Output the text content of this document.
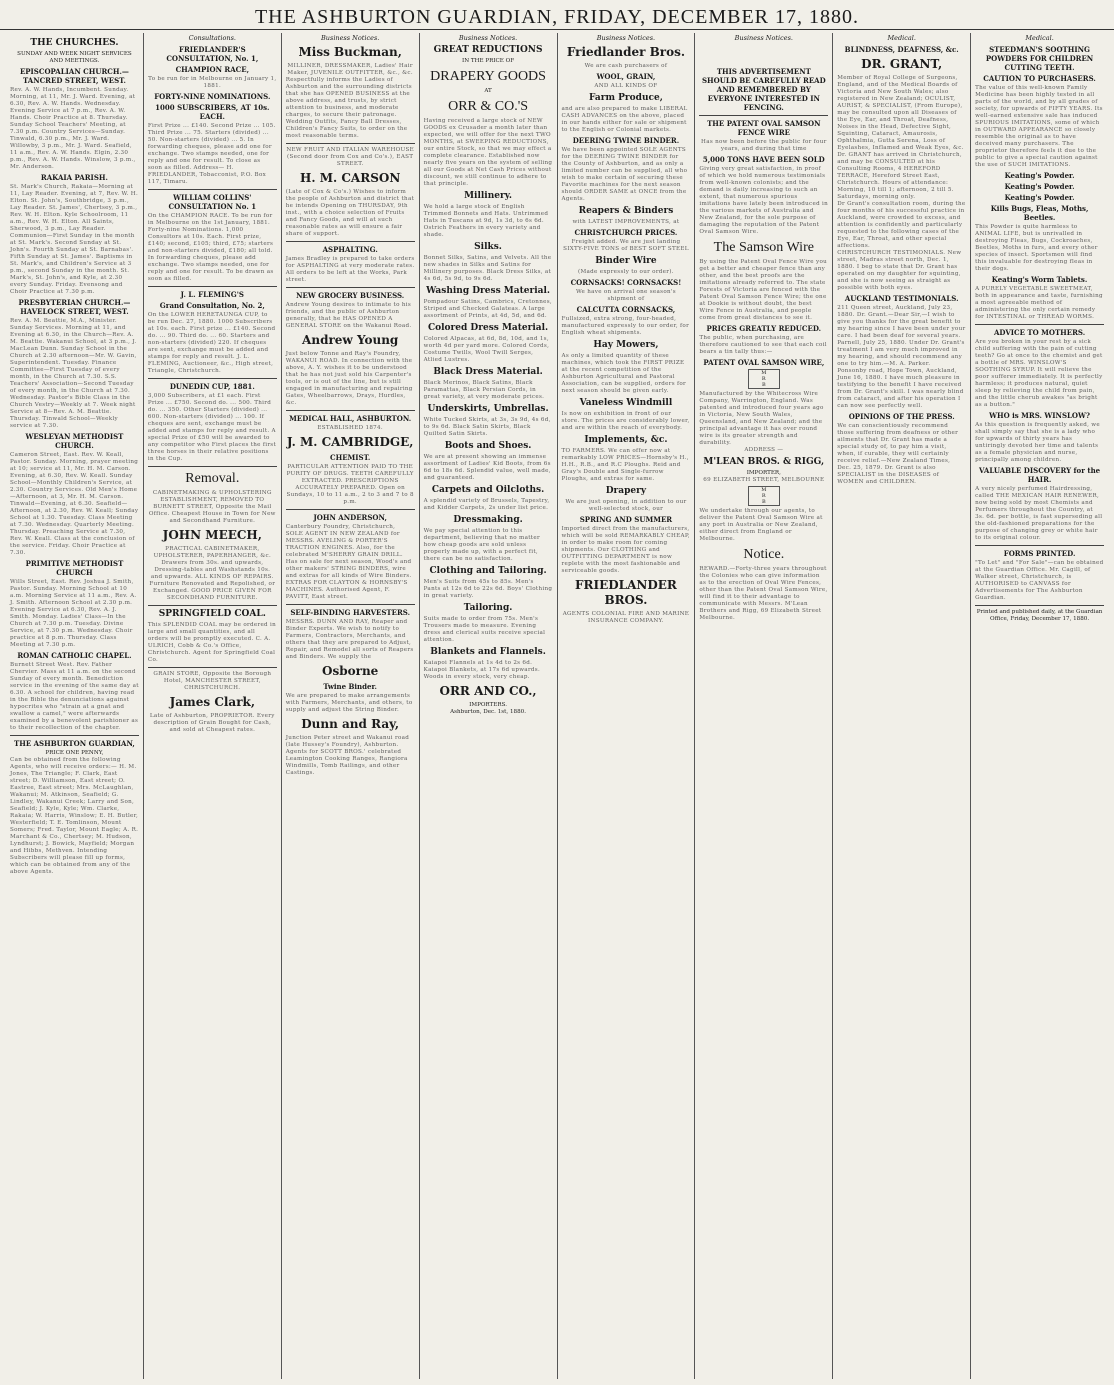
THE ASHBURTON GUARDIAN, FRIDAY, DECEMBER 17, 1880.
THE CHURCHES.
SUNDAY AND WEEK NIGHT SERVICES AND MEETINGS.
EPISCOPALIAN CHURCH.—TANCRED STREET, WEST.
Rev. A. W. Hands, Incumbent. Sunday. Morning, at 11, Mr. J. Ward. Evening, at 6.30, Rev. A. W. Hands. Wednesday. Evening Service at 7 p.m., Rev. A. W. Hands. Choir Practice at 8. Thursday. Sunday School Teachers' Meeting, at 7.30 p.m. Country Services—Sunday. Tinwald, 6.30 p.m., Mr. J. Ward. Willowby, 3 p.m., Mr. J. Ward. Seafield, 11 a.m., Rev. A. W. Hands. Elgin, 2.30 p.m., Rev. A. W. Hands. Winslow, 3 p.m., Mr. Anderson.
RAKAIA PARISH.
St. Mark's Church, Rakaia—Morning at 11, Lay Reader. Evening, at 7, Rev. W. H. Elton. St. John's, Southbridge, 3 p.m., Lay Reader. St. James', Chertsey, 3 p.m., Rev. W. H. Elton. Kyle Schoolroom, 11 a.m., Rev. W. H. Elton. All Saints, Sherwood, 3 p.m., Lay Reader. Communion—First Sunday in the month at St. Mark's. Second Sunday at St. John's. Fourth Sunday at St. Barnabas'. Fifth Sunday at St. James'. Baptisms in St. Mark's, and Children's Service at 3 p.m., second Sunday in the month. St. Mark's, St. John's, and Kyle, at 2.30 every Sunday. Friday. Evensong and Choir Practice at 7.30 p.m.
PRESBYTERIAN CHURCH.—HAVELOCK STREET, WEST.
Rev. A. M. Beattie, M.A., Minister. Sunday Services. Morning at 11, and Evening at 6.30, in the Church—Rev. A. M. Beattie. Wakanui School, at 3 p.m., J. MacLean Dunn. Sunday School in the Church at 2.30 afternoon—Mr. W. Gavin, Superintendent. Tuesday. Finance Committee—First Tuesday of every month, in the Church at 7.30. S.S. Teachers' Association—Second Tuesday of every month, in the Church at 7.30. Wednesday. Pastor's Bible Class in the Church Vestry—Weekly at 7. Week night Service at 8—Rev. A. M. Beattie. Thursday. Tinwald School—Weekly service at 7.30.
WESLEYAN METHODIST CHURCH.
Cameron Street, East. Rev. W. Keall, Pastor. Sunday. Morning, prayer meeting at 10; service at 11, Mr. H. M. Carson. Evening, at 6.30, Rev. W. Keall. Sunday School—Monthly Children's Service, at 2.30. Country Services. Old Men's Home—Afternoon, at 3, Mr. H. M. Carson. Tinwald—Evening, at 6.30. Seafield—Afternoon, at 2.30, Rev. W. Keall; Sunday School at 1.30. Tuesday. Class Meeting at 7.30. Wednesday. Quarterly Meeting. Thursday. Preaching Service at 7.30, Rev. W. Keall. Class at the conclusion of the service. Friday. Choir Practice at 7.30.
PRIMITIVE METHODIST CHURCH
Wills Street, East. Rev. Joshua J. Smith, Pastor. Sunday. Morning School at 10 a.m. Morning Service at 11 a.m., Rev. A. J. Smith. Afternoon School at 2.30 p.m. Evening Service at 6.30, Rev. A. J. Smith. Monday. Ladies' Class—In the Church at 7.30 p.m. Tuesday. Divine Service, at 7.30 p.m. Wednesday. Choir practice at 8 p.m. Thursday. Class Meeting at 7.30 p.m.
ROMAN CATHOLIC CHAPEL.
Burnett Street West. Rev. Father Chervier. Mass at 11 a.m. on the second Sunday of every month. Benediction service in the evening of the same day at 6.30. A school for children, having read in the Bible the denunciations against hypocrites who "strain at a gnat and swallow a camel," were afterwards examined by a benevolent parishioner as to their recollection of the chapter.
THE ASHBURTON GUARDIAN,
PRICE ONE PENNY,
Can be obtained from the following Agents, who will receive orders:— H. M. Jones, The Triangle; F. Clark, East street; D. Williamson, East street; O. Eastree, East street; Mrs. McLaughlan, Wakanui; M. Atkinson, Seafield; G. Lindley, Wakanui Creek; Larry and Son, Seafield; J. Kyle, Kyle; Wm. Clarke, Rakaia; W. Harris, Winslow; E. H. Butler, Westerfield; T. E. Tomlinson, Mount Somers; Fred. Taylor, Mount Eagle; A. R. Marchant & Co., Chertsey; M. Hudson, Lyndhurst; J. Bowick, Mayfield; Morgan and Hibbs, Methven. Intending Subscribers will please fill up forms, which can be obtained from any of the above Agents.
Consultations.
FRIEDLANDER'S CONSULTATION, No. 1,
CHAMPION RACE,
To be run for in Melbourne on January 1, 1881.
FORTY-NINE NOMINATIONS.
1000 SUBSCRIBERS, AT 10s. EACH.
First Prize ... £140. Second Prize ... 105. Third Prize ... 75. Starters (divided) ... 50. Non-starters (divided) ... 5. In forwarding cheques, please add one for exchange. Two stamps needed, one for reply and one for result. To close as soon as filled. Address— H. FRIEDLANDER, Tobacconist, P.O. Box 117, Timaru.
WILLIAM COLLINS' CONSULTATION No. 1
On the CHAMPION RACE. To be run for in Melbourne on the 1st January, 1881. Forty-nine Nominations. 1,000 Consultors at 10s. Each. First prize, £140; second, £105; third, £75; starters and non-starters divided, £180; all told. In forwarding cheques, please add exchange. Two stamps needed, one for reply and one for result. To be drawn as soon as filled.
J. L. FLEMING'S
Grand Consultation, No. 2,
On the LOWER HERETAUNGA CUP, to be run Dec. 27, 1880. 1000 Subscribers at 10s. each. First prize ... £140. Second do. ... 90. Third do. ... 60. Starters and non-starters (divided) 220. If cheques are sent, exchange must be added and stamps for reply and result. J. L. FLEMING, Auctioneer, &c., High street, Triangle, Christchurch.
DUNEDIN CUP, 1881.
3,000 Subscribers, at £1 each. First Prize ... £750. Second do. ... 500. Third do. ... 350. Other Starters (divided) ... 600. Non-starters (divided) ... 100. If cheques are sent, exchange must be added and stamps for reply and result. A special Prize of £50 will be awarded to any competitor who First places the first three horses in their relative positions in the Cup.
Removal.
CABINETMAKING & UPHOLSTERING ESTABLISHMENT, REMOVED TO BURNETT STREET, Opposite the Mail Office. Cheapest House in Town for New and Secondhand Furniture.
JOHN MEECH,
PRACTICAL CABINETMAKER, UPHOLSTERER, PAPERHANGER, &c. Drawers from 30s. and upwards, Dressing-tables and Washstands 10s. and upwards. ALL KINDS OF REPAIRS. Furniture Renovated and Repolished, or Exchanged. GOOD PRICE GIVEN FOR SECONDHAND FURNITURE.
SPRINGFIELD COAL.
This SPLENDID COAL may be ordered in large and small quantities, and all orders will be promptly executed. C. A. ULRICH, Cobb & Co.'s Office, Christchurch. Agent for Springfield Coal Co.
GRAIN STORE, Opposite the Borough Hotel, MANCHESTER STREET, CHRISTCHURCH.
James Clark,
Late of Ashburton, PROPRIETOR. Every description of Grain Bought for Cash, and sold at Cheapest rates.
Business Notices.
Miss Buckman,
MILLINER, DRESSMAKER, Ladies' Hair Maker, JUVENILE OUTFITTER, &c., &c.
Respectfully informs the Ladies of Ashburton and the surrounding districts that she has OPENED BUSINESS at the above address, and trusts, by strict attention to business, and moderate charges, to secure their patronage. Wedding Outfits, Fancy Ball Dresses, Children's Fancy Suits, to order on the most reasonable terms.
NEW FRUIT AND ITALIAN WAREHOUSE (Second door from Cox and Co's.), EAST STREET.
H. M. CARSON
(Late of Cox & Co's.) Wishes to inform the people of Ashburton and district that he intends Opening on THURSDAY, 9th inst., with a choice selection of Fruits and Fancy Goods, and will at such reasonable rates as will ensure a fair share of support.
ASPHALTING.
James Bradley is prepared to take orders for ASPHALTING at very moderate rates. All orders to be left at the Works, Park street.
NEW GROCERY BUSINESS.
Andrew Young desires to intimate to his friends, and the public of Ashburton generally, that he HAS OPENED A GENERAL STORE on the Wakanui Road.
Andrew Young
Just below Tonne and Ray's Foundry, WAKANUI ROAD. In connection with the above, A. Y. wishes it to be understood that he has not just sold his Carpenter's tools, or is out of the line, but is still engaged in manufacturing and repairing Gates, Wheelbarrows, Drays, Hurdles, &c.
MEDICAL HALL, ASHBURTON.
ESTABLISHED 1874.
J. M. CAMBRIDGE,
CHEMIST.
PARTICULAR ATTENTION PAID TO THE PURITY OF DRUGS. TEETH CAREFULLY EXTRACTED. PRESCRIPTIONS ACCURATELY PREPARED. Open on Sundays, 10 to 11 a.m., 2 to 3 and 7 to 8 p.m.
JOHN ANDERSON,
Canterbury Foundry, Christchurch, SOLE AGENT IN NEW ZEALAND for MESSRS. AVELING & PORTER'S TRACTION ENGINES. Also, for the celebrated M'SHERRY GRAIN DRILL. Has on sale for next season, Wood's and other makers' STRING BINDERS, wire and extras for all kinds of Wire Binders. EXTRAS FOR CLAYTON & HORNSBY'S MACHINES. Authorised Agent, F. PAVITT, East street.
SELF-BINDING HARVESTERS.
MESSRS. DUNN AND RAY, Reaper and Binder Experts. We wish to notify to Farmers, Contractors, Merchants, and others that they are prepared to Adjust, Repair, and Remodel all sorts of Reapers and Binders. We supply the
Osborne
Twine Binder.
We are prepared to make arrangements with Farmers, Merchants, and others, to supply and adjust the String Binder.
Dunn and Ray,
Junction Peter street and Wakanui road (late Hussey's Foundry), Ashburton. Agents for SCOTT BROS.' celebrated Leamington Cooking Ranges, Rangiora Windmills, Tomb Railings, and other Castings.
Business Notices.
GREAT REDUCTIONS
IN THE PRICE OF
DRAPERY GOODS
AT
ORR & CO.'S
Having received a large stock of NEW GOODS ex Crusader a month later than expected, we will offer for the next TWO MONTHS, at SWEEPING REDUCTIONS, our entire Stock, so that we may effect a complete clearance. Established now nearly five years on the system of selling all our Goods at Net Cash Prices without discount, we still continue to adhere to that principle.
Millinery.
We hold a large stock of English Trimmed Bonnets and Hats. Untrimmed Hats in Tuscans at 9d, 1s 3d, to 6s 6d. Ostrich Feathers in every variety and shade.
Silks.
Bonnet Silks, Satins, and Velvets. All the new shades in Silks and Satins for Millinery purposes. Black Dress Silks, at 4s 6d, 5s 9d, to 9s 6d.
Washing Dress Material.
Pompadour Satins, Cambrics, Cretonnes, Striped and Checked Galateas. A large assortment of Prints, at 4d, 5d, and 6d.
Colored Dress Material.
Colored Alpacas, at 6d, 8d, 10d, and 1s, worth 4d per yard more. Colored Cords, Costume Twills, Wool Twill Serges, Atlied Lustres.
Black Dress Material.
Black Merinos, Black Satins, Black Paramattas, Black Persian Cords, in great variety, at very moderate prices.
Underskirts, Umbrellas.
White Tucked Skirts, at 3s, 3s 9d, 4s 6d, to 9s 6d. Black Satin Skirts, Black Quilted Satin Skirts.
Boots and Shoes.
We are at present showing an immense assortment of Ladies' Kid Boots, from 6s 6d to 18s 6d. Splendid value, well made, and guaranteed.
Carpets and Oilcloths.
A splendid variety of Brussels, Tapestry, and Kidder Carpets, 2s under list price.
Dressmaking.
We pay special attention to this department, believing that no matter how cheap goods are sold unless properly made up, with a perfect fit, there can be no satisfaction.
Clothing and Tailoring.
Men's Suits from 45s to 85s. Men's Pants at 12s 6d to 22s 6d. Boys' Clothing in great variety.
Tailoring.
Suits made to order from 75s. Men's Trousers made to measure. Evening dress and clerical suits receive special attention.
Blankets and Flannels.
Kaiapoi Flannels at 1s 4d to 2s 6d. Kaiapoi Blankets, at 17s 6d upwards. Woods in every stock, very cheap.
ORR AND CO.,
IMPORTERS.
Ashburton, Dec. 1st, 1880.
Business Notices.
Friedlander Bros.
We are cash purchasers of
WOOL, GRAIN,
AND ALL KINDS OF
Farm Produce,
and are also prepared to make LIBERAL CASH ADVANCES on the above, placed in our hands either for sale or shipment to the English or Colonial markets.
DEERING TWINE BINDER.
We have been appointed SOLE AGENTS for the DEERING TWINE BINDER for the County of Ashburton, and as only a limited number can be supplied, all who wish to make certain of securing these Favorite machines for the next season should ORDER SAME at ONCE from the Agents.
Reapers & Binders
with LATEST IMPROVEMENTS, at
CHRISTCHURCH PRICES.
Freight added. We are just landing SIXTY-FIVE TONS of BEST SOFT STEEL
Binder Wire
(Made expressly to our order).
CORNSACKS! CORNSACKS!
We have on arrival one season's shipment of
CALCUTTA CORNSACKS,
Fullsized, extra strong, four-headed, manufactured expressly to our order, for English wheat shipments.
Hay Mowers,
As only a limited quantity of these machines, which took the FIRST PRIZE at the recent competition of the Ashburton Agricultural and Pastoral Association, can be supplied, orders for next season should be given early.
Vaneless Windmill
Is now on exhibition in front of our store. The prices are considerably lower, and are within the reach of everybody.
Implements, &c.
TO FARMERS. We can offer now at remarkably LOW PRICES—Hornsby's H., H.H., R.B., and R.C Ploughs. Reid and Gray's Double and Single-furrow Ploughs, and extras for same.
Drapery
We are just opening, in addition to our well-selected stock, our
SPRING AND SUMMER
Imported direct from the manufacturers, which will be sold REMARKABLY CHEAP, in order to make room for coming shipments. Our CLOTHING and OUTFITTING DEPARTMENT is now replete with the most fashionable and serviceable goods.
FRIEDLANDER BROS.
AGENTS COLONIAL FIRE AND MARINE INSURANCE COMPANY.
Business Notices.
THIS ADVERTISEMENT SHOULD BE CAREFULLY READ AND REMEMBERED BY EVERYONE INTERESTED IN FENCING.
THE PATENT OVAL SAMSON FENCE WIRE
Has now been before the public for four years, and during that time
5,000 TONS HAVE BEEN SOLD
Giving very great satisfaction, in proof of which we hold numerous testimonials from well-known colonists; and the demand is daily increasing to such an extent, that numerous spurious imitations have lately been introduced in the various markets of Australia and New Zealand, for the sole purpose of damaging the reputation of the Patent Oval Samson Wire.
The Samson Wire
By using the Patent Oval Fence Wire you get a better and cheaper fence than any other, and the best proofs are the imitations already referred to. The state Forests of Victoria are fenced with the Patent Oval Samson Fence Wire; the one at Dookie is without doubt, the best Wire Fence in Australia, and people come from great distances to see it.
PRICES GREATLY REDUCED.
The public, when purchasing, are therefore cautioned to see that each coil bears a tin tally thus:—
PATENT OVAL SAMSON WIRE,
M
R
B
Manufactured by the Whitecross Wire Company, Warrington, England. Was patented and introduced four years ago in Victoria, New South Wales, Queensland, and New Zealand; and the principal advantage it has over round wire is its greater strength and durability.
ADDRESS —
M'LEAN BROS. & RIGG,
IMPORTER,
69 ELIZABETH STREET, MELBOURNE
M
R
B
We undertake through our agents, to deliver the Patent Oval Samson Wire at any port in Australia or New Zealand, either direct from England or Melbourne.
Notice.
REWARD.—Forty-three years throughout the Colonies who can give information as to the erection of Oval Wire Fences, other than the Patent Oval Samson Wire, will find it to their advantage to communicate with Messrs. M'Lean Brothers and Rigg, 69 Elizabeth Street Melbourne.
Medical.
BLINDNESS, DEAFNESS, &c.
DR. GRANT,
Member of Royal College of Surgeons, England, and of the Medical Boards of Victoria and New South Wales; also registered in New Zealand; OCULIST, AURIST, & SPECIALIST, (From Europe), may be consulted upon all Diseases of the Eye, Ear, and Throat, Deafness, Noises in the Head, Defective Sight, Squinting, Cataract, Amaurosis, Ophthalmia, Gutta Serena, Loss of Eyelashes, Inflamed and Weak Eyes, &c. Dr. GRANT has arrived in Christchurch, and may be CONSULTED at his Consulting Rooms, 4 HEREFORD TERRACE, Hereford Street East, Christchurch. Hours of attendance: Morning, 10 till 1; afternoon, 2 till 5. Saturdays, morning only.
Dr Grant's consultation room, during the four months of his successful practice in Auckland, were crowded to excess, and attention is confidently and particularly requested to the following cases of the Eye, Ear, Throat, and other special affections.
CHRISTCHURCH TESTIMONIALS. New street, Madras street north, Dec. 1, 1880. I beg to state that Dr. Grant has operated on my daughter for squinting, and she is now seeing as straight as possible with both eyes.
AUCKLAND TESTIMONIALS.
211 Queen street, Auckland, July 23, 1880. Dr. Grant.—Dear Sir,—I wish to give you thanks for the great benefit to my hearing since I have been under your care. I had been deaf for several years. Parnell, July 25, 1880. Under Dr. Grant's treatment I am very much improved in my hearing, and should recommend any one to try him.—M. A. Parker.
Ponsonby road, Hope Town, Auckland, June 16, 1880. I have much pleasure in testifying to the benefit I have received from Dr. Grant's skill. I was nearly blind from cataract, and after his operation I can now see perfectly well.
OPINIONS OF THE PRESS.
We can conscientiously recommend those suffering from deafness or other ailments that Dr. Grant has made a special study of, to pay him a visit, when, if curable, they will certainly receive relief.—New Zealand Times, Dec. 25, 1879. Dr. Grant is also SPECIALIST in the DISEASES of WOMEN and CHILDREN.
Medical.
STEEDMAN'S SOOTHING POWDERS FOR CHILDREN CUTTING TEETH.
CAUTION TO PURCHASERS.
The value of this well-known Family Medicine has been highly tested in all parts of the world, and by all grades of society, for upwards of FIFTY YEARS. Its well-earned extensive sale has induced SPURIOUS IMITATIONS, some of which in OUTWARD APPEARANCE so closely resemble the original as to have deceived many purchasers. The proprietor therefore feels it due to the public to give a special caution against the use of SUCH IMITATIONS.
Keating's Powder.
Keating's Powder.
Keating's Powder.
Kills Bugs, Fleas, Moths, Beetles.
This Powder is quite harmless to ANIMAL LIFE, but is unrivalled in destroying Fleas, Bugs, Cockroaches, Beetles, Moths in furs, and every other species of insect. Sportsmen will find this invaluable for destroying fleas in their dogs.
Keating's Worm Tablets.
A PURELY VEGETABLE SWEETMEAT, both in appearance and taste, furnishing a most agreeable method of administering the only certain remedy for INTESTINAL or THREAD WORMS.
ADVICE TO MOTHERS.
Are you broken in your rest by a sick child suffering with the pain of cutting teeth? Go at once to the chemist and get a bottle of MRS. WINSLOW'S SOOTHING SYRUP. It will relieve the poor sufferer immediately. It is perfectly harmless; it produces natural, quiet sleep by relieving the child from pain, and the little cherub awakes "as bright as a button."
WHO is MRS. WINSLOW?
As this question is frequently asked, we shall simply say that she is a lady who for upwards of thirty years has untiringly devoted her time and talents as a female physician and nurse, principally among children.
VALUABLE DISCOVERY for the HAIR.
A very nicely perfumed Hairdressing, called THE MEXICAN HAIR RENEWER, now being sold by most Chemists and Perfumers throughout the Country, at 3s. 6d. per bottle, is fast superseding all the old-fashioned preparations for the purpose of changing grey or white hair to its original colour.
FORMS PRINTED.
"To Let" and "For Sale"—can be obtained at the Guardian Office. Mr. Cagill, of Walker street, Christchurch, is AUTHORISED to CANVASS for Advertisements for The Ashburton Guardian.
Printed and published daily, at the Guardian Office, Friday, December 17, 1880.
